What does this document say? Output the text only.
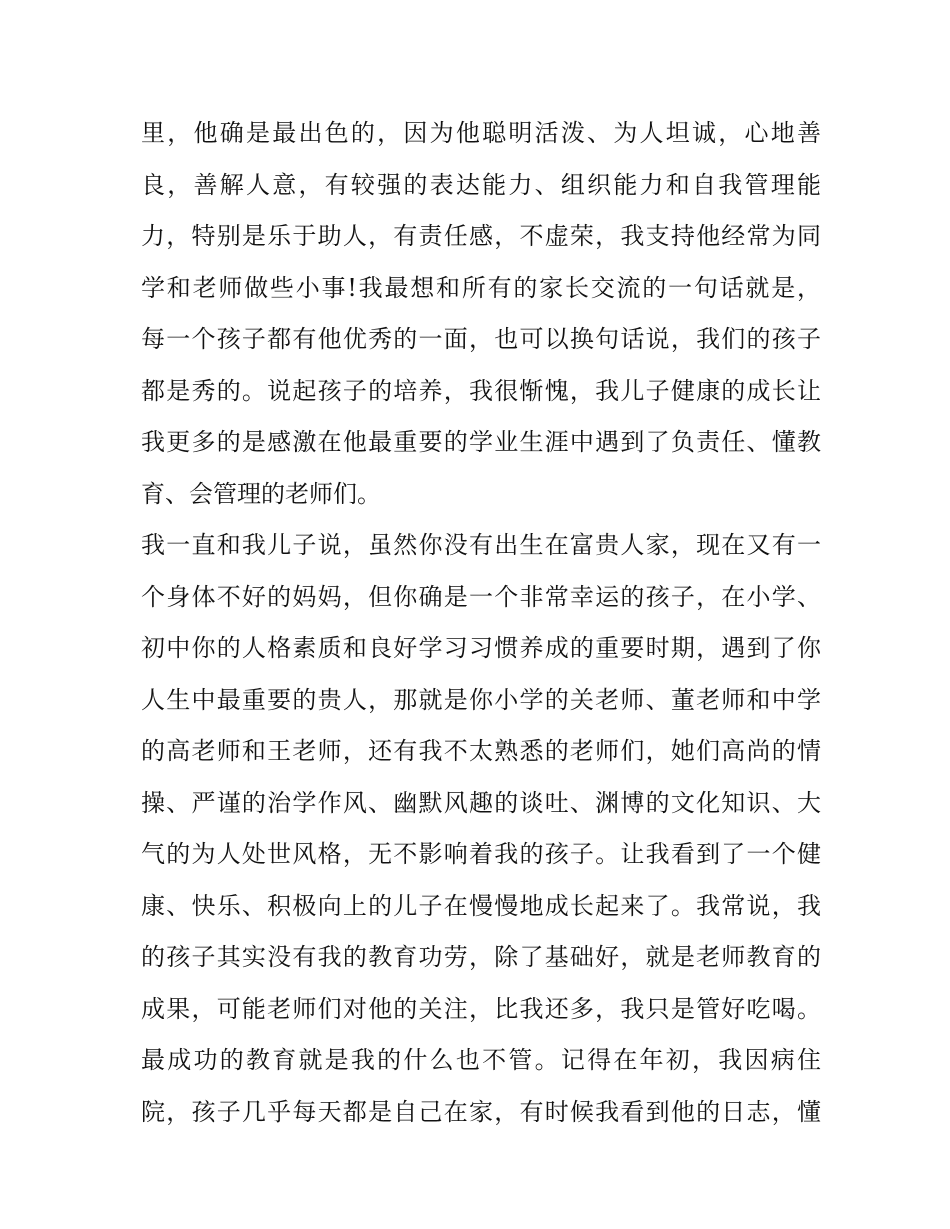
里，他确是最出色的，因为他聪明活泼、为人坦诚，心地善
良，善解人意，有较强的表达能力、组织能力和自我管理能
力，特别是乐于助人，有责任感，不虚荣，我支持他经常为同
学和老师做些小事!我最想和所有的家长交流的一句话就是，
每一个孩子都有他优秀的一面，也可以换句话说，我们的孩子
都是秀的。说起孩子的培养，我很惭愧，我儿子健康的成长让
我更多的是感激在他最重要的学业生涯中遇到了负责任、懂教
育、会管理的老师们。
我一直和我儿子说，虽然你没有出生在富贵人家，现在又有一
个身体不好的妈妈，但你确是一个非常幸运的孩子，在小学、
初中你的人格素质和良好学习习惯养成的重要时期，遇到了你
人生中最重要的贵人，那就是你小学的关老师、董老师和中学
的高老师和王老师，还有我不太熟悉的老师们，她们高尚的情
操、严谨的治学作风、幽默风趣的谈吐、渊博的文化知识、大
气的为人处世风格，无不影响着我的孩子。让我看到了一个健
康、快乐、积极向上的儿子在慢慢地成长起来了。我常说，我
的孩子其实没有我的教育功劳，除了基础好，就是老师教育的
成果，可能老师们对他的关注，比我还多，我只是管好吃喝。
最成功的教育就是我的什么也不管。记得在年初，我因病住
院，孩子几乎每天都是自己在家，有时候我看到他的日志，懂
